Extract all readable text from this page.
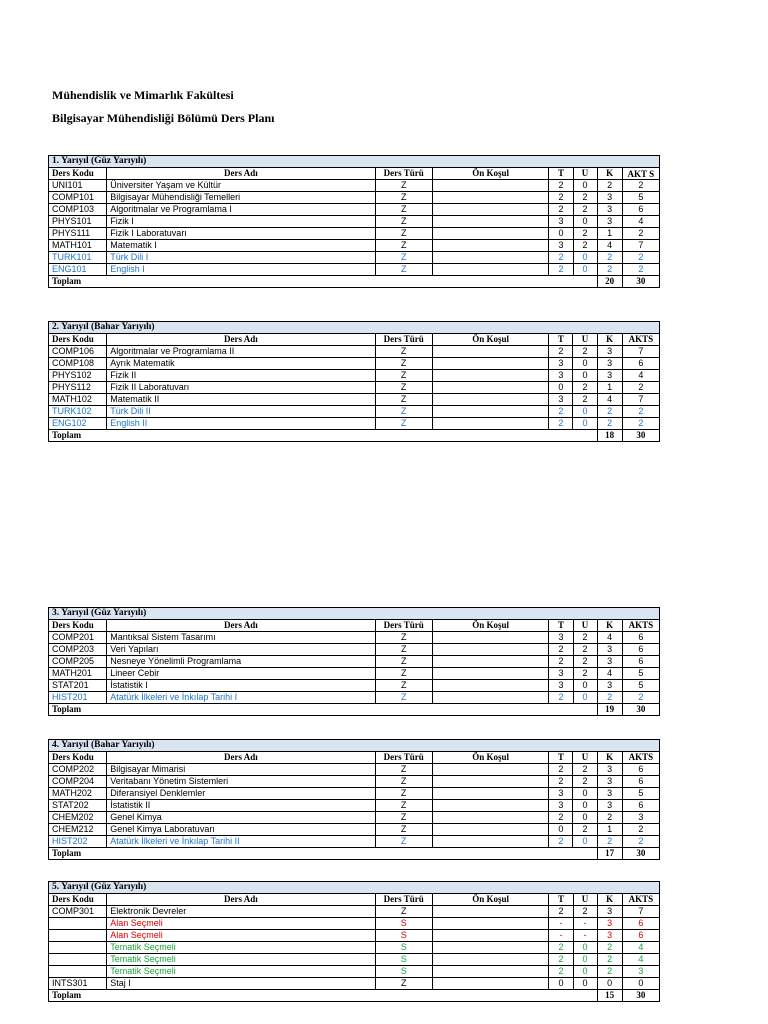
Mühendislik ve Mimarlık Fakültesi
Bilgisayar Mühendisliği Bölümü Ders Planı
1. Yarıyıl (Güz Yarıyılı)							
Ders Kodu	Ders Adı	Ders Türü	Ön Koşul	T	U	K	AKT S
UNI101	Üniversiter Yaşam ve Kültür	Z		2	0	2	2
COMP101	Bilgisayar Mühendisliği Temelleri	Z		2	2	3	5
COMP103	Algoritmalar ve Programlama I	Z		2	2	3	6
PHYS101	Fizik I	Z		3	0	3	4
PHYS111	Fizik I Laboratuvarı	Z		0	2	1	2
MATH101	Matematik I	Z		3	2	4	7
TURK101	Türk Dili I	Z		2	0	2	2
ENG101	English I	Z		2	0	2	2
Toplam						20	30
2. Yarıyıl (Bahar Yarıyılı)							
Ders Kodu	Ders Adı	Ders Türü	Ön Koşul	T	U	K	AKTS
COMP106	Algoritmalar ve Programlama II	Z		2	2	3	7
COMP108	Ayrık Matematik	Z		3	0	3	6
PHYS102	Fizik II	Z		3	0	3	4
PHYS112	Fizik II Laboratuvarı	Z		0	2	1	2
MATH102	Matematik II	Z		3	2	4	7
TURK102	Türk Dili II	Z		2	0	2	2
ENG102	English II	Z		2	0	2	2
Toplam						18	30
3. Yarıyıl (Güz Yarıyılı)							
Ders Kodu	Ders Adı	Ders Türü	Ön Koşul	T	U	K	AKTS
COMP201	Mantıksal Sistem Tasarımı	Z		3	2	4	6
COMP203	Veri Yapıları	Z		2	2	3	6
COMP205	Nesneye Yönelimli Programlama	Z		2	2	3	6
MATH201	Lineer Cebir	Z		3	2	4	5
STAT201	İstatistik I	Z		3	0	3	5
HIST201	Atatürk İlkeleri ve İnkılap Tarihi I	Z		2	0	2	2
Toplam						19	30
4. Yarıyıl (Bahar Yarıyılı)							
Ders Kodu	Ders Adı	Ders Türü	Ön Koşul	T	U	K	AKTS
COMP202	Bilgisayar Mimarisi	Z		2	2	3	6
COMP204	Veritabanı Yönetim Sistemleri	Z		2	2	3	6
MATH202	Diferansiyel Denklemler	Z		3	0	3	5
STAT202	İstatistik II	Z		3	0	3	6
CHEM202	Genel Kimya	Z		2	0	2	3
CHEM212	Genel Kimya Laboratuvarı	Z		0	2	1	2
HIST202	Atatürk İlkeleri ve İnkılap Tarihi II	Z		2	0	2	2
Toplam						17	30
5. Yarıyıl (Güz Yarıyılı)							
Ders Kodu	Ders Adı	Ders Türü	Ön Koşul	T	U	K	AKTS
COMP301	Elektronik Devreler	Z		2	2	3	7
	Alan Seçmeli	S		-	-	3	6
	Alan Seçmeli	S		-	-	3	6
	Tematik Seçmeli	S		2	0	2	4
	Tematik Seçmeli	S		2	0	2	4
	Tematik Seçmeli	S		2	0	2	3
INTS301	Staj I	Z		0	0	0	0
Toplam						15	30
